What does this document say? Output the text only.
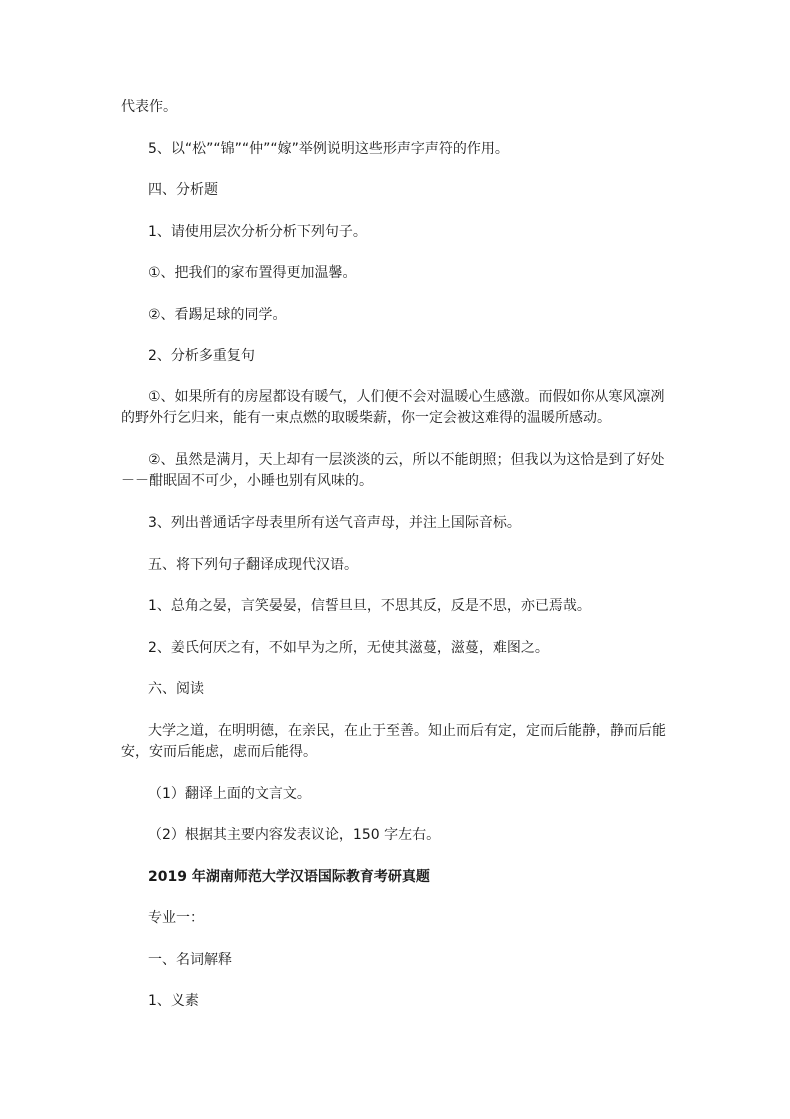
代表作。
5、以“松”“锦”“仲”“嫁”举例说明这些形声字声符的作用。
四、分析题
1、请使用层次分析分析下列句子。
①、把我们的家布置得更加温馨。
②、看踢足球的同学。
2、分析多重复句
①、如果所有的房屋都设有暖气，人们便不会对温暖心生感激。而假如你从寒风凛冽的野外行乞归来，能有一束点燃的取暖柴薪，你一定会被这难得的温暖所感动。
②、虽然是满月，天上却有一层淡淡的云，所以不能朗照；但我以为这恰是到了好处－－酣眠固不可少，小睡也别有风味的。
3、列出普通话字母表里所有送气音声母，并注上国际音标。
五、将下列句子翻译成现代汉语。
1、总角之晏，言笑晏晏，信誓旦旦，不思其反，反是不思，亦已焉哉。
2、姜氏何厌之有，不如早为之所，无使其滋蔓，滋蔓，难图之。
六、阅读
大学之道，在明明德，在亲民，在止于至善。知止而后有定，定而后能静，静而后能安，安而后能虑，虑而后能得。
（1）翻译上面的文言文。
（2）根据其主要内容发表议论，150 字左右。
2019 年湖南师范大学汉语国际教育考研真题
专业一：
一、名词解释
1、义素
